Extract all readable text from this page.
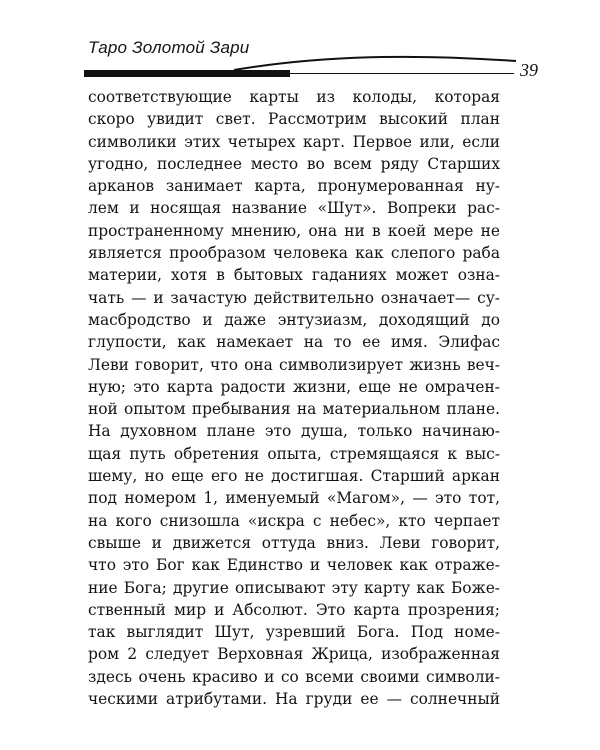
Таро Золотой Зари
39
соответствующие карты из колоды, которая
скоро увидит свет. Рассмотрим высокий план
символики этих четырех карт. Первое или, если
угодно, последнее место во всем ряду Старших
арканов занимает карта, пронумерованная ну-
лем и носящая название «Шут». Вопреки рас-
пространенному мнению, она ни в коей мере не
является прообразом человека как слепого раба
материи, хотя в бытовых гаданиях может озна-
чать — и зачастую действительно означает— су-
масбродство и даже энтузиазм, доходящий до
глупости, как намекает на то ее имя. Элифас
Леви говорит, что она символизирует жизнь веч-
ную; это карта радости жизни, еще не омрачен-
ной опытом пребывания на материальном плане.
На духовном плане это душа, только начинаю-
щая путь обретения опыта, стремящаяся к выс-
шему, но еще его не достигшая. Старший аркан
под номером 1, именуемый «Магом», — это тот,
на кого снизошла «искра с небес», кто черпает
свыше и движется оттуда вниз. Леви говорит,
что это Бог как Единство и человек как отраже-
ние Бога; другие описывают эту карту как Боже-
ственный мир и Абсолют. Это карта прозрения;
так выглядит Шут, узревший Бога. Под номе-
ром 2 следует Верховная Жрица, изображенная
здесь очень красиво и со всеми своими символи-
ческими атрибутами. На груди ее — солнечный
